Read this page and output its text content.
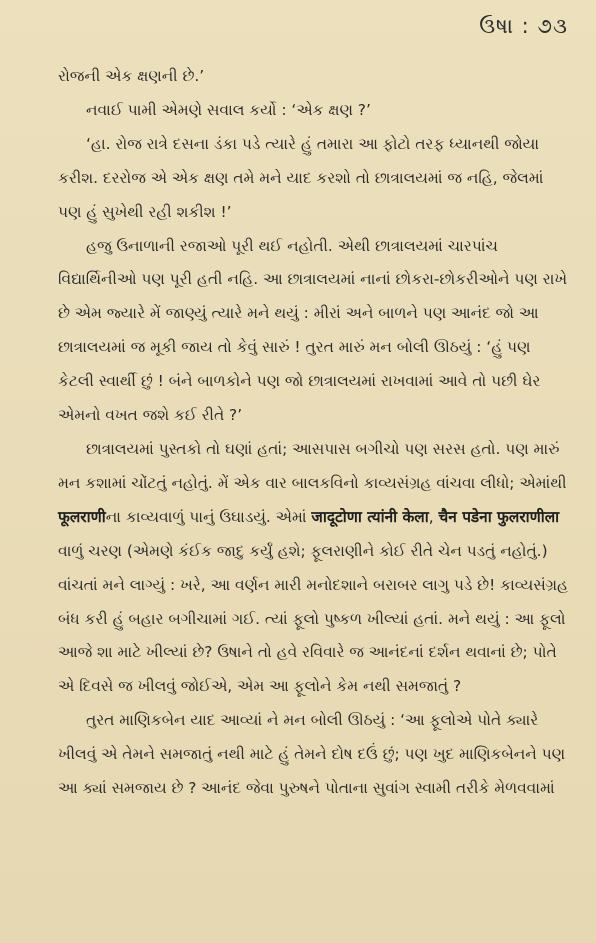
ઉષા : ૭૩

રોજની એક ક્ષણની છે.’

નવાઈ પામી એમણે સવાલ કર્યો : ‘એક ક્ષણ ?’

‘હા. રોજ રાત્રે દસના ડંકા પડે ત્યારે હું તમારા આ ફોટો તરફ ધ્યાનથી જોયા કરીશ. દરરોજ એ એક ક્ષણ તમે મને યાદ કરશો તો છાત્રાલયમાં જ નહિ, જેલમાં પણ હું સુખેથી રહી શકીશ !’

હજુ ઉનાળાની રજાઓ પૂરી થઈ નહોતી. એથી છાત્રાલયમાં ચારપાંચ વિદ્યાર્થિનીઓ પણ પૂરી હતી નહિ. આ છાત્રાલયમાં નાનાં છોકરા-છોકરીઓને પણ રાખે છે એમ જ્યારે મેં જાણ્યું ત્યારે મને થયું : મીરાં અને બાળને પણ આનંદ જો આ છાત્રાલયમાં જ મૂકી જાય તો કેવું સારું ! તુરત મારું મન બોલી ઊઠયું : ‘હું પણ કેટલી સ્વાર્થી છું ! બંને બાળકોને પણ જો છાત્રાલયમાં રાખવામાં આવે તો પછી ઘેર એમનો વખત જશે કઈ રીતે ?’

છાત્રાલયમાં પુસ્તકો તો ઘણાં હતાં; આસપાસ બગીચો પણ સરસ હતો. પણ મારું મન કશામાં ચોંટતું નહોતું. મેં એક વાર બાલકવિનો કાવ્યસંગ્રહ વાંચવા લીધો; એમાંથી फूलराणीના કાવ્યવાળું પાનું ઉઘાડયું. એમાં जादूटोणा त्यांनी केला, चैन पडेना फुलराणीला વાળું ચરણ (એમણે કંઈક જાદુ કર્યું હશે; ફૂલરાણીને કોઈ રીતે ચેન પડતું નહોતું.) વાંચતાં મને લાગ્યું : ખરે, આ વર્ણન મારી મનોદશાને બરાબર લાગુ પડે છે! કાવ્યસંગ્રહ બંધ કરી હું બહાર બગીચામાં ગઈ. ત્યાં ફૂલો પુષ્કળ ખીલ્યાં હતાં. મને થયું : આ ફૂલો આજે શા માટે ખીલ્યાં છે? ઉષાને તો હવે રવિવારે જ આનંદનાં દર્શન થવાનાં છે; પોતે એ દિવસે જ ખીલવું જોઈએ, એમ આ ફૂલોને કેમ નથી સમજાતું ?

તુરત માણિકબેન યાદ આવ્યાં ને મન બોલી ઊઠયું : ‘આ ફૂલોએ પોતે ક્યારે ખીલવું એ તેમને સમજાતું નથી માટે હું તેમને દોષ દઉં છું; પણ ખુદ માણિકબેનને પણ આ ક્યાં સમજાય છે ? આનંદ જેવા પુરુષને પોતાના સુવાંગ સ્વામી તરીકે મેળવવામાં
